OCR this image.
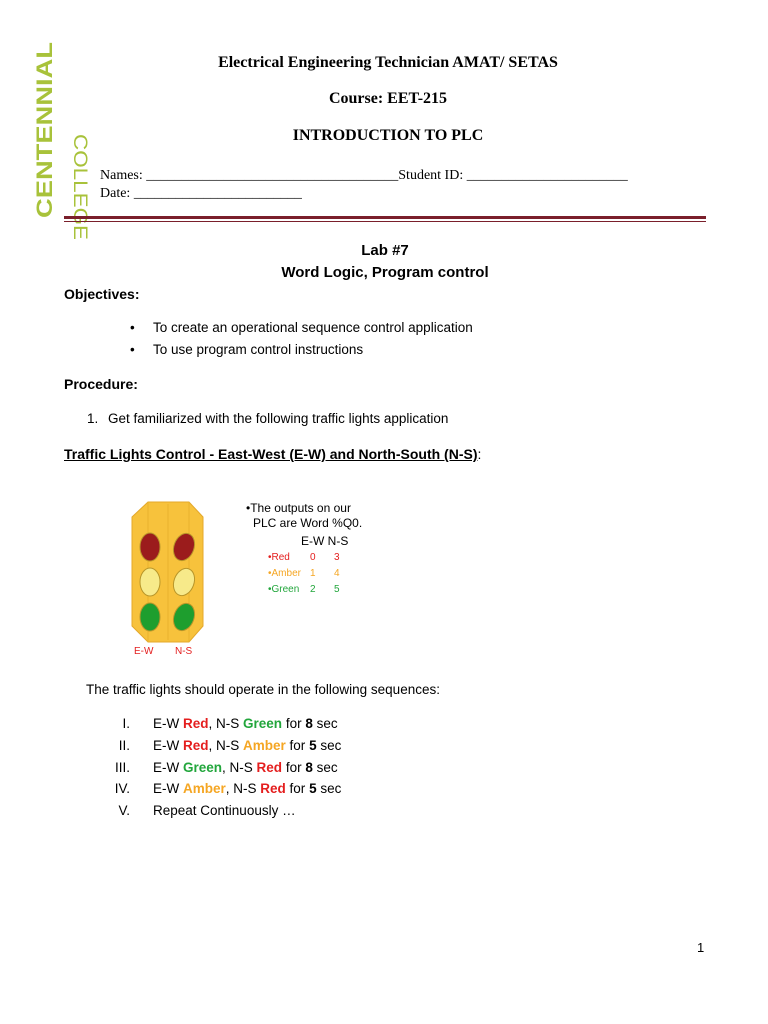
CENTENNIAL COLLEGE
Electrical Engineering Technician AMAT/ SETAS
Course: EET-215
INTRODUCTION TO PLC
Names: ____________________________________Student ID: _______________________
Date: ________________________
Lab #7
Word Logic, Program control
Objectives:
• To create an operational sequence control application
• To use program control instructions
Procedure:
1. Get familiarized with the following traffic lights application
Traffic Lights Control - East-West (E-W) and North-South (N-S):
E-W N-S
•The outputs on our
PLC are Word %Q0.
E-W N-S
•Red 0 3
•Amber 1 4
•Green 2 5
The traffic lights should operate in the following sequences:
I. E-W Red, N-S Green for 8 sec
II. E-W Red, N-S Amber for 5 sec
III. E-W Green, N-S Red for 8 sec
IV. E-W Amber, N-S Red for 5 sec
V. Repeat Continuously …
1
